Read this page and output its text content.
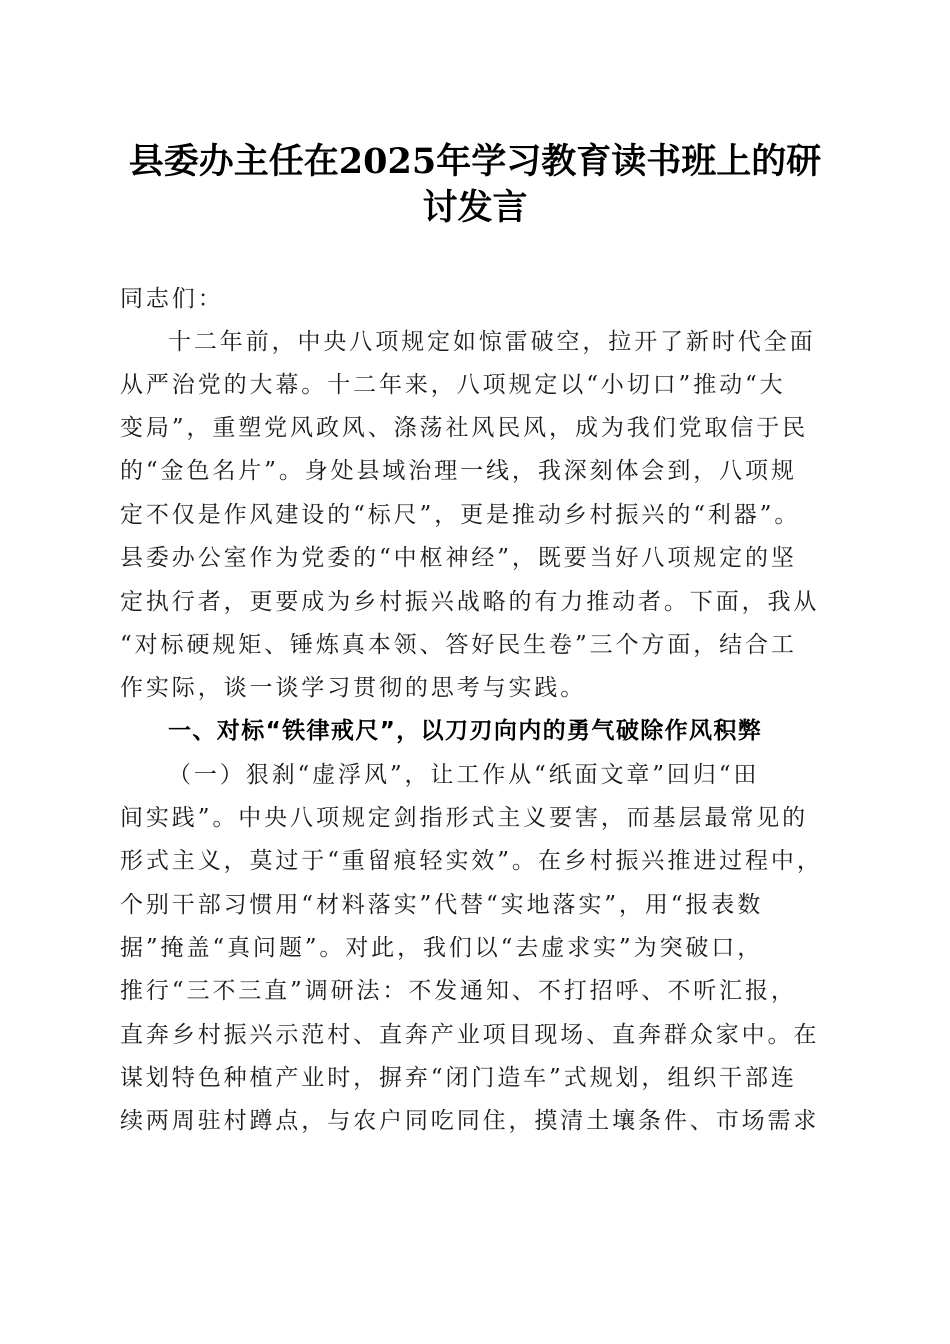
县委办主任在2025年学习教育读书班上的研
讨发言
同志们：
十二年前，中央八项规定如惊雷破空，拉开了新时代全面
从严治党的大幕。十二年来，八项规定以“小切口”推动“大
变局”，重塑党风政风、涤荡社风民风，成为我们党取信于民
的“金色名片”。身处县域治理一线，我深刻体会到，八项规
定不仅是作风建设的“标尺”，更是推动乡村振兴的“利器”。
县委办公室作为党委的“中枢神经”，既要当好八项规定的坚
定执行者，更要成为乡村振兴战略的有力推动者。下面，我从
“对标硬规矩、锤炼真本领、答好民生卷”三个方面，结合工
作实际，谈一谈学习贯彻的思考与实践。
一、对标“铁律戒尺”，以刀刃向内的勇气破除作风积弊
（一）狠刹“虚浮风”，让工作从“纸面文章”回归“田
间实践”。中央八项规定剑指形式主义要害，而基层最常见的
形式主义，莫过于“重留痕轻实效”。在乡村振兴推进过程中，
个别干部习惯用“材料落实”代替“实地落实”，用“报表数
据”掩盖“真问题”。对此，我们以“去虚求实”为突破口，
推行“三不三直”调研法：不发通知、不打招呼、不听汇报，
直奔乡村振兴示范村、直奔产业项目现场、直奔群众家中。在
谋划特色种植产业时，摒弃“闭门造车”式规划，组织干部连
续两周驻村蹲点，与农户同吃同住，摸清土壤条件、市场需求
